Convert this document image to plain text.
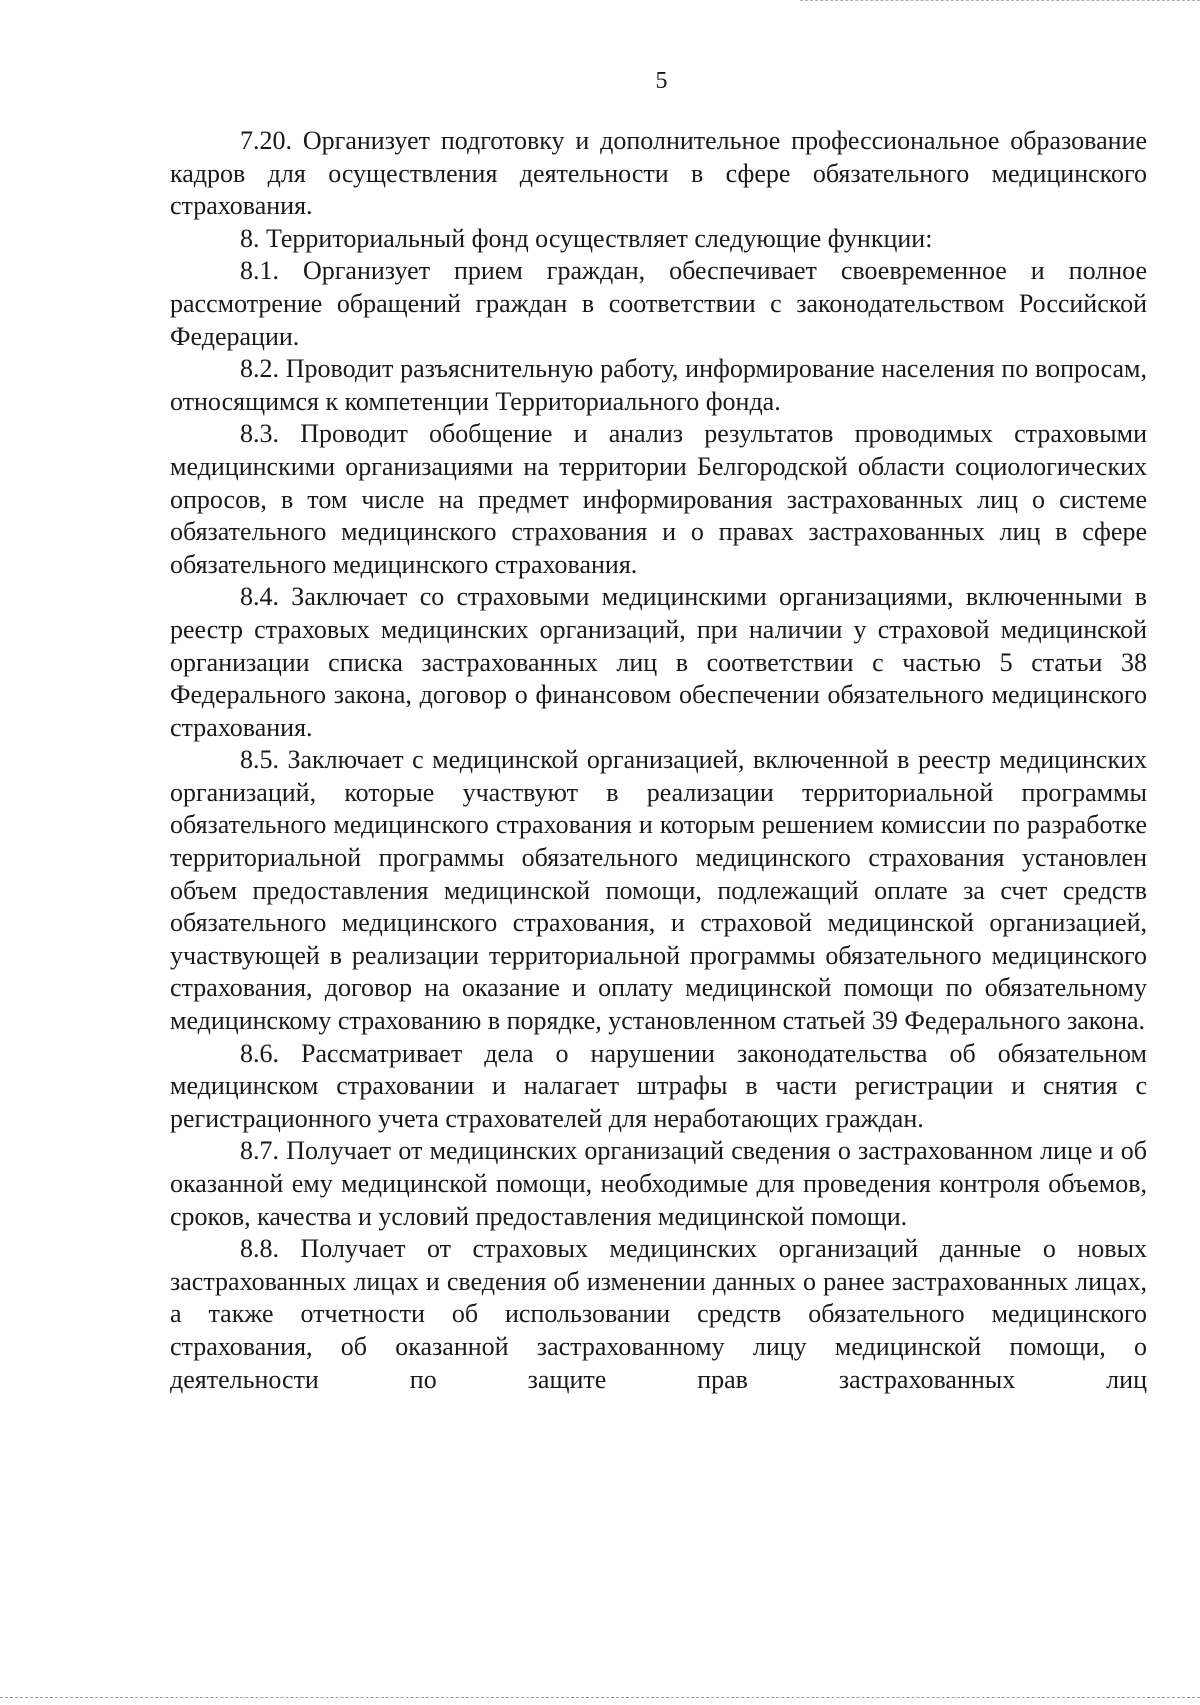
5

7.20. Организует подготовку и дополнительное профессиональное образование кадров для осуществления деятельности в сфере обязательного медицинского страхования.

8. Территориальный фонд осуществляет следующие функции:

8.1. Организует прием граждан, обеспечивает своевременное и полное рассмотрение обращений граждан в соответствии с законодательством Российской Федерации.

8.2. Проводит разъяснительную работу, информирование населения по вопросам, относящимся к компетенции Территориального фонда.

8.3. Проводит обобщение и анализ результатов проводимых страховыми медицинскими организациями на территории Белгородской области социологических опросов, в том числе на предмет информирования застрахованных лиц о системе обязательного медицинского страхования и о правах застрахованных лиц в сфере обязательного медицинского страхования.

8.4. Заключает со страховыми медицинскими организациями, включенными в реестр страховых медицинских организаций, при наличии у страховой медицинской организации списка застрахованных лиц в соответствии с частью 5 статьи 38 Федерального закона, договор о финансовом обеспечении обязательного медицинского страхования.

8.5. Заключает с медицинской организацией, включенной в реестр медицинских организаций, которые участвуют в реализации территориальной программы обязательного медицинского страхования и которым решением комиссии по разработке территориальной программы обязательного медицинского страхования установлен объем предоставления медицинской помощи, подлежащий оплате за счет средств обязательного медицинского страхования, и страховой медицинской организацией, участвующей в реализации территориальной программы обязательного медицинского страхования, договор на оказание и оплату медицинской помощи по обязательному медицинскому страхованию в порядке, установленном статьей 39 Федерального закона.

8.6. Рассматривает дела о нарушении законодательства об обязательном медицинском страховании и налагает штрафы в части регистрации и снятия с регистрационного учета страхователей для неработающих граждан.

8.7. Получает от медицинских организаций сведения о застрахованном лице и об оказанной ему медицинской помощи, необходимые для проведения контроля объемов, сроков, качества и условий предоставления медицинской помощи.

8.8. Получает от страховых медицинских организаций данные о новых застрахованных лицах и сведения об изменении данных о ранее застрахованных лицах, а также отчетности об использовании средств обязательного медицинского страхования, об оказанной застрахованному лицу медицинской помощи, о деятельности по защите прав застрахованных лиц
